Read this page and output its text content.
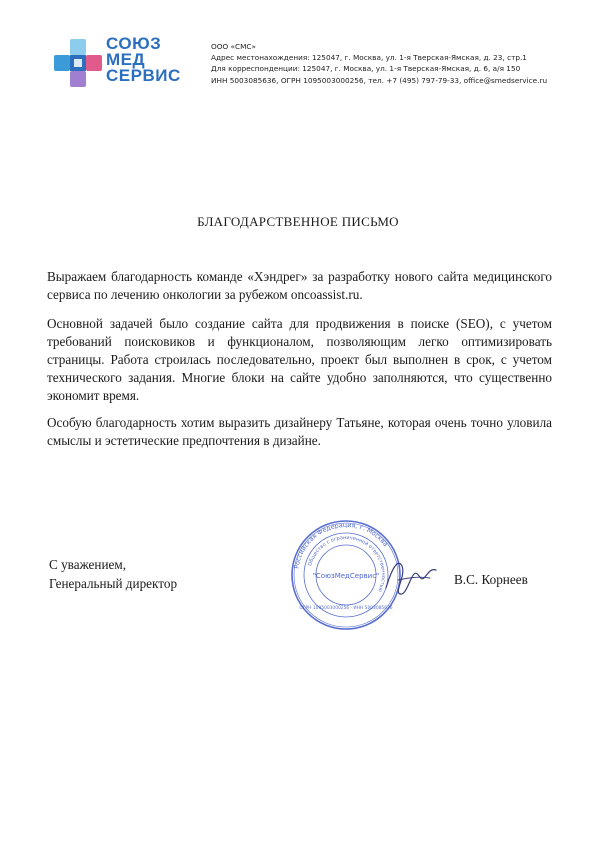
СОЮЗ
МЕД
СЕРВИС
ООО «СМС»
Адрес местонахождения: 125047, г. Москва, ул. 1-я Тверская-Ямская, д. 23, стр.1
Для корреспонденции: 125047, г. Москва, ул. 1-я Тверская-Ямская, д. 6, а/я 150
ИНН 5003085636, ОГРН 1095003000256, тел. +7 (495) 797-79-33, office@smedservice.ru
БЛАГОДАРСТВЕННОЕ ПИСЬМО
Выражаем благодарность команде «Хэндрег» за разработку нового сайта медицинского сервиса по лечению онкологии за рубежом oncoassist.ru.
Основной задачей было создание сайта для продвижения в поиске (SEO), с учетом требований поисковиков и функционалом, позволяющим легко оптимизировать страницы. Работа строилась последовательно, проект был выполнен в срок, с учетом технического задания. Многие блоки на сайте удобно заполняются, что существенно экономит время.
Особую благодарность хотим выразить дизайнеру Татьяне, которая очень точно уловила смыслы и эстетические предпочтения в дизайне.
С уважением,
Генеральный директор
Российская Федерация, г. Москва
Общество с ограниченной ответственностью
"СоюзМедСервис"
ОГРН 1095003000256 · ИНН 5003085636
В.С. Корнеев
